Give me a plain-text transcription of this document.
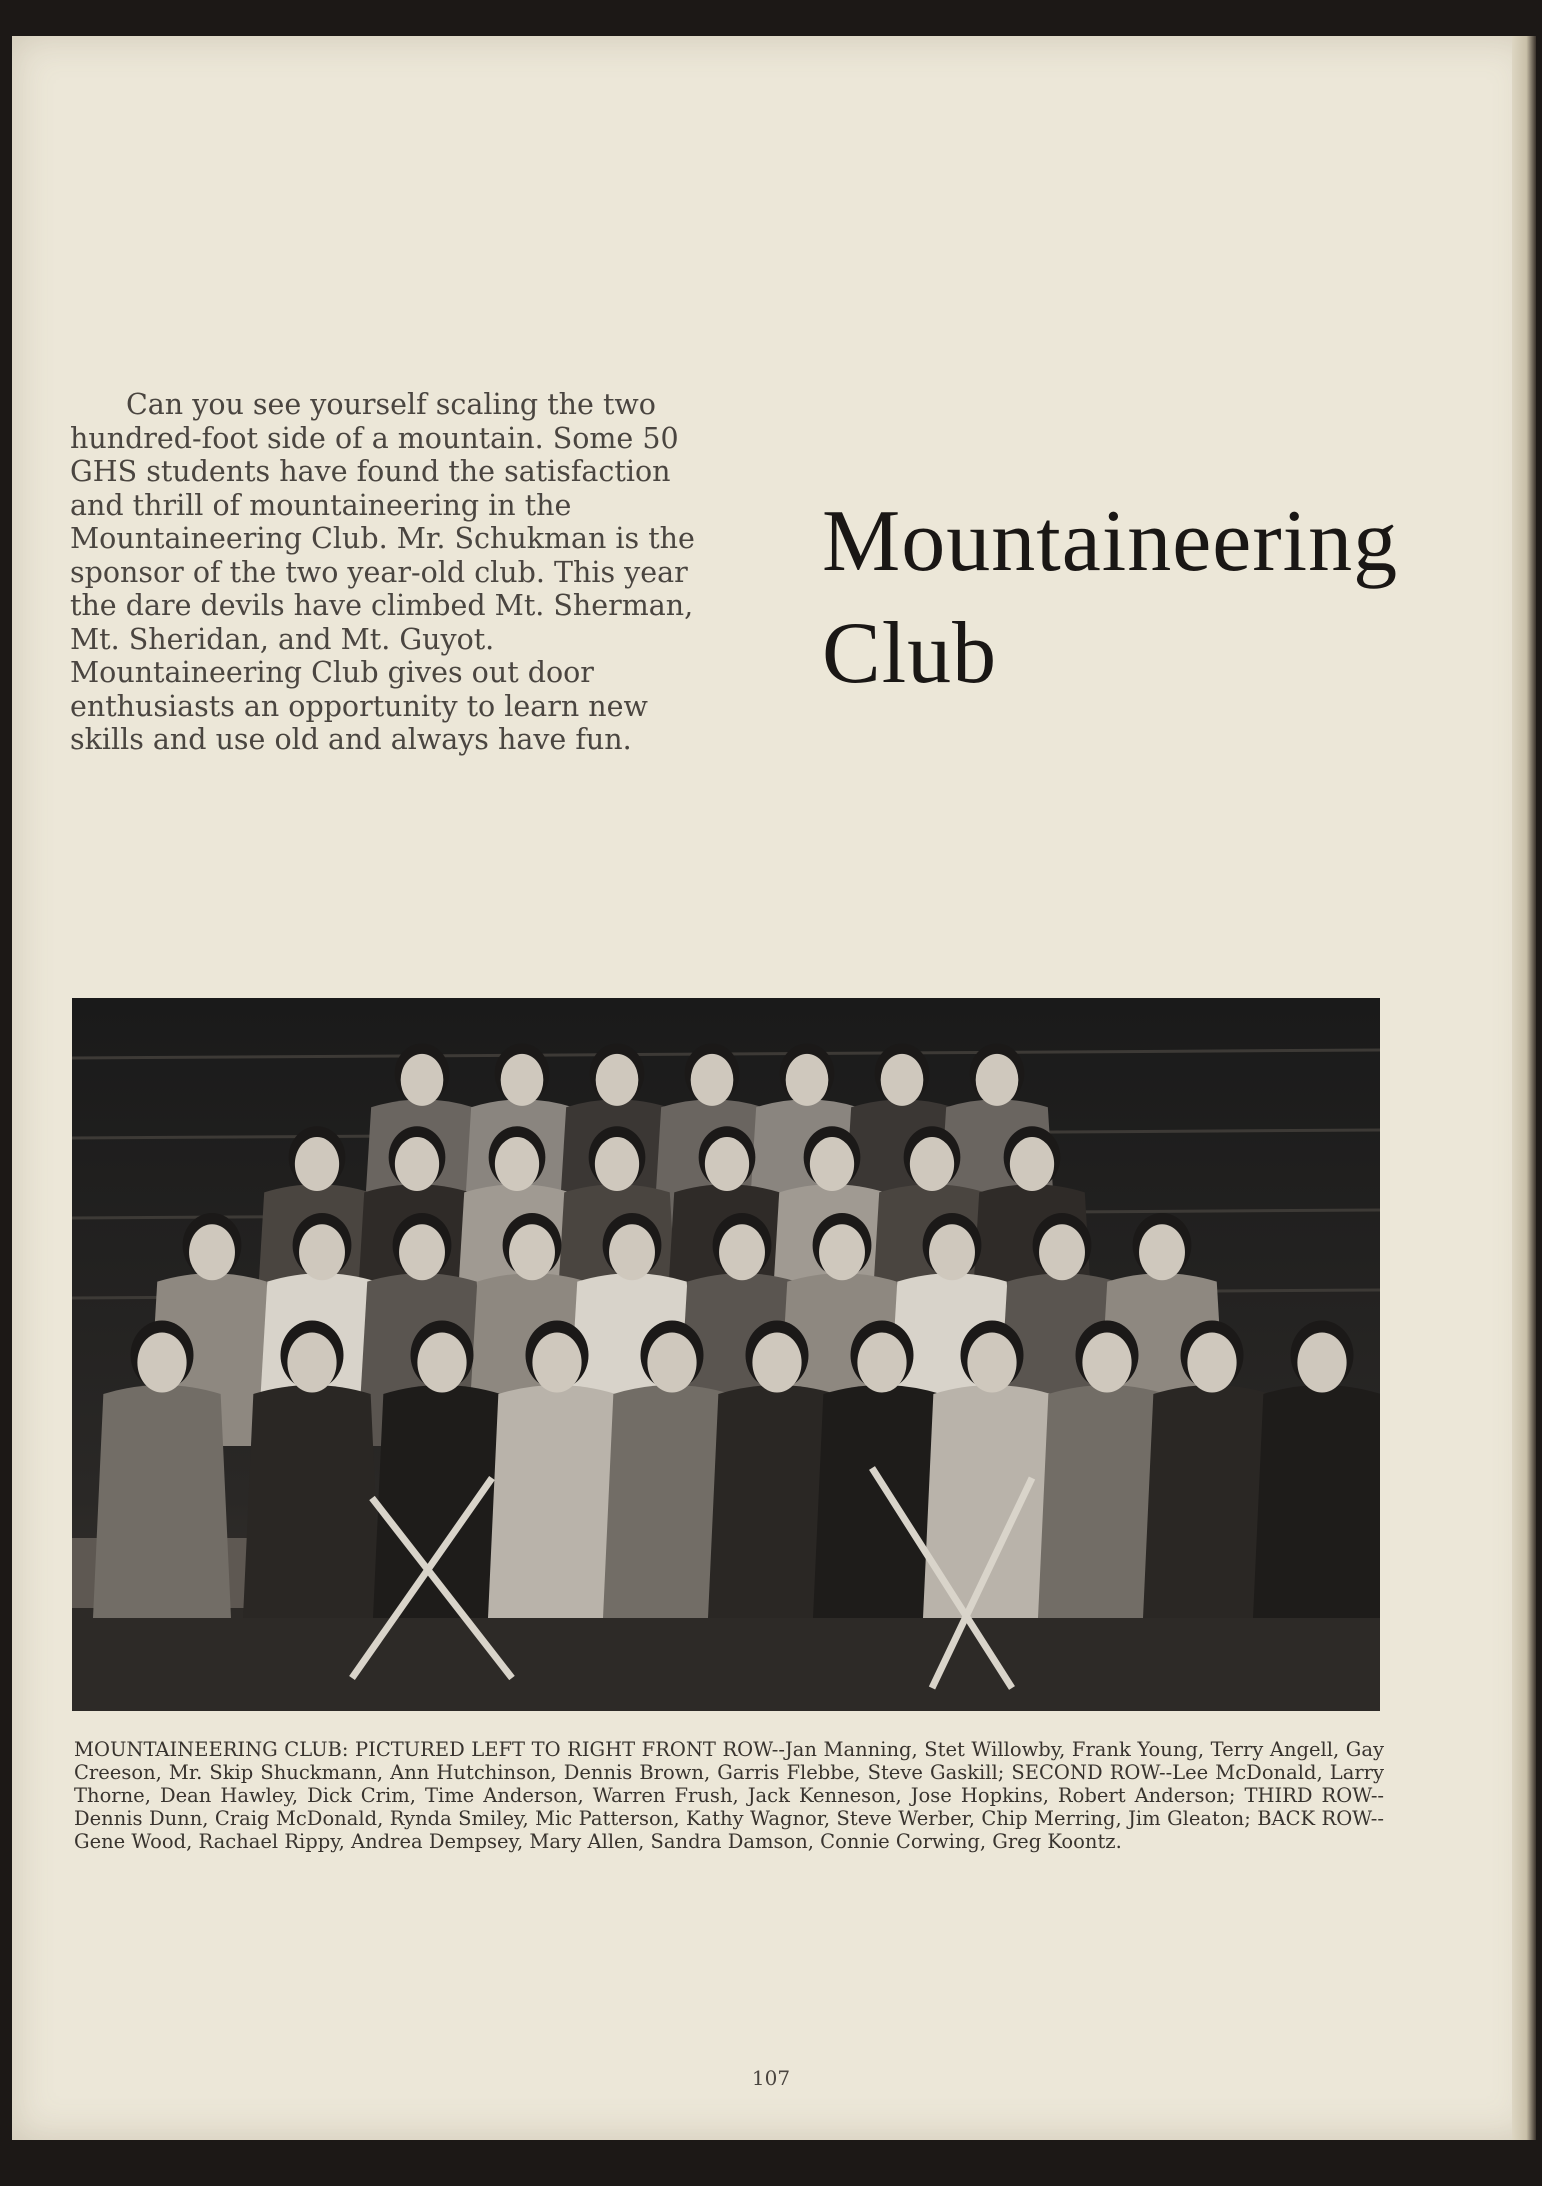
Can you see yourself scaling the two hundred-foot side of a mountain. Some 50 GHS students have found the satisfaction and thrill of mountaineering in the Mountaineering Club. Mr. Schukman is the sponsor of the two year-old club. This year the dare devils have climbed Mt. Sherman, Mt. Sheridan, and Mt. Guyot. Mountaineering Club gives out door enthusiasts an opportunity to learn new skills and use old and always have fun.

Mountaineering
Club

MOUNTAINEERING CLUB: PICTURED LEFT TO RIGHT FRONT ROW--Jan Manning, Stet Willowby, Frank Young, Terry Angell, Gay Creeson, Mr. Skip Shuckmann, Ann Hutchinson, Dennis Brown, Garris Flebbe, Steve Gaskill; SECOND ROW--Lee McDonald, Larry Thorne, Dean Hawley, Dick Crim, Time Anderson, Warren Frush, Jack Kenneson, Jose Hopkins, Robert Anderson; THIRD ROW--Dennis Dunn, Craig McDonald, Rynda Smiley, Mic Patterson, Kathy Wagnor, Steve Werber, Chip Merring, Jim Gleaton; BACK ROW--Gene Wood, Rachael Rippy, Andrea Dempsey, Mary Allen, Sandra Damson, Connie Corwing, Greg Koontz.

107
